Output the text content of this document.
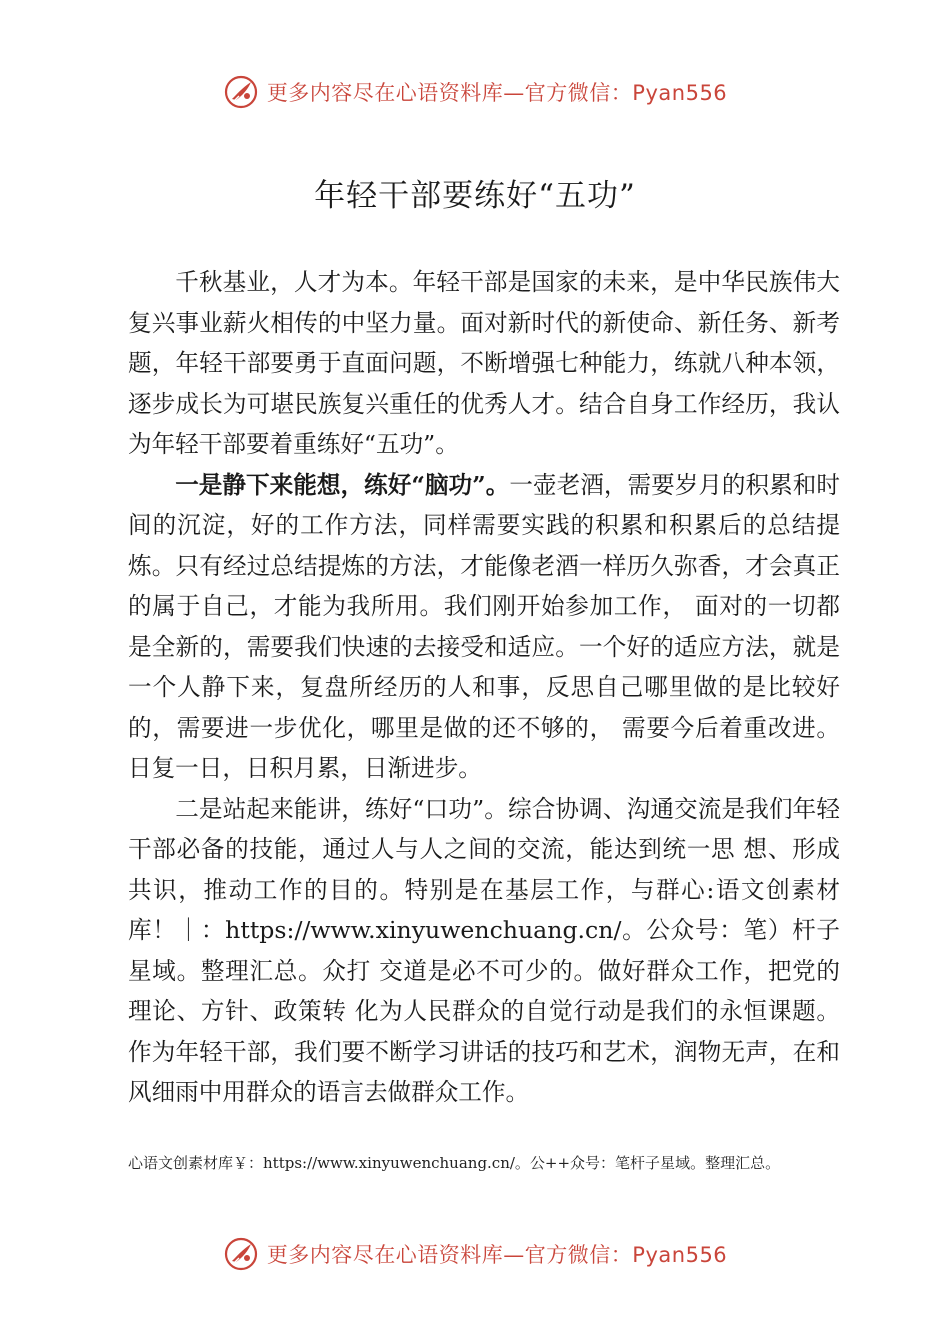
更多内容尽在心语资料库—官方微信：Pyan556
年轻干部要练好“五功”

千秋基业，人才为本。年轻干部是国家的未来，是中华民族伟大复兴事业薪火相传的中坚力量。面对新时代的新使命、新任务、新考题，年轻干部要勇于直面问题，不断增强七种能力，练就八种本领，逐步成长为可堪民族复兴重任的优秀人才。结合自身工作经历，我认为年轻干部要着重练好“五功”。

一是静下来能想，练好“脑功”。一壶老酒，需要岁月的积累和时间的沉淀，好的工作方法，同样需要实践的积累和积累后的总结提炼。只有经过总结提炼的方法，才能像老酒一样历久弥香，才会真正的属于自己，才能为我所用。我们刚开始参加工作， 面对的一切都是全新的，需要我们快速的去接受和适应。一个好的适应方法，就是一个人静下来，复盘所经历的人和事，反思自己哪里做的是比较好的，需要进一步优化，哪里是做的还不够的， 需要今后着重改进。日复一日，日积月累，日渐进步。

二是站起来能讲，练好“口功”。综合协调、沟通交流是我们年轻干部必备的技能，通过人与人之间的交流，能达到统一思 想、形成共识，推动工作的目的。特别是在基层工作，与群心:语文创素材库！｜：https://www.xinyuwenchuang.cn/。公众号：笔）杆子星域。整理汇总。众打 交道是必不可少的。做好群众工作，把党的理论、方针、政策转 化为人民群众的自觉行动是我们的永恒课题。作为年轻干部，我们要不断学习讲话的技巧和艺术，润物无声，在和风细雨中用群众的语言去做群众工作。

心语文创素材库￥：https://www.xinyuwenchuang.cn/。公++众号：笔杆子星域。整理汇总。
更多内容尽在心语资料库—官方微信：Pyan556
